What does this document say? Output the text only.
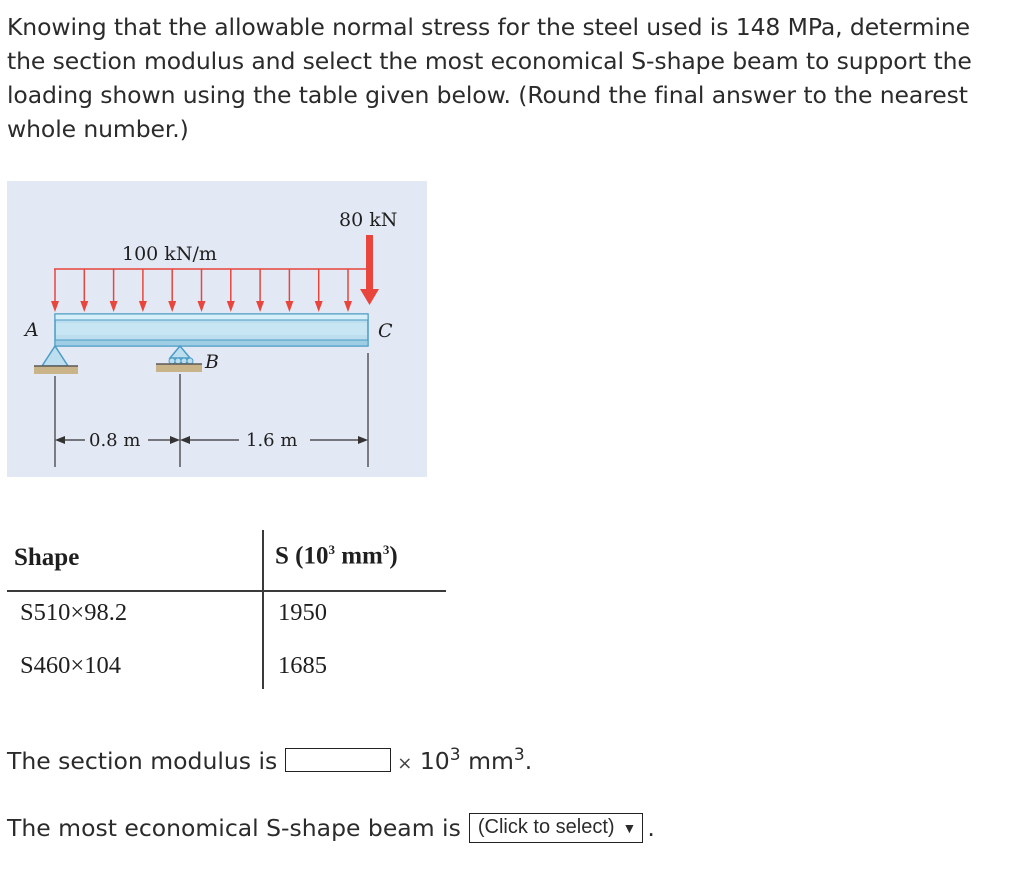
Knowing that the allowable normal stress for the steel used is 148 MPa, determine the section modulus and select the most economical S-shape beam to support the loading shown using the table given below. (Round the final answer to the nearest whole number.)

100 kN/m
80 kN
A
B
C
0.8 m	1.6 m
Shape	S ($10^3$ $mm^3$)
S510×98.2	1950
S460×104	1685
The section modulus is	× $10^3$ $mm^3$.
The most economical S-shape beam is (Click to select) ▼ .
